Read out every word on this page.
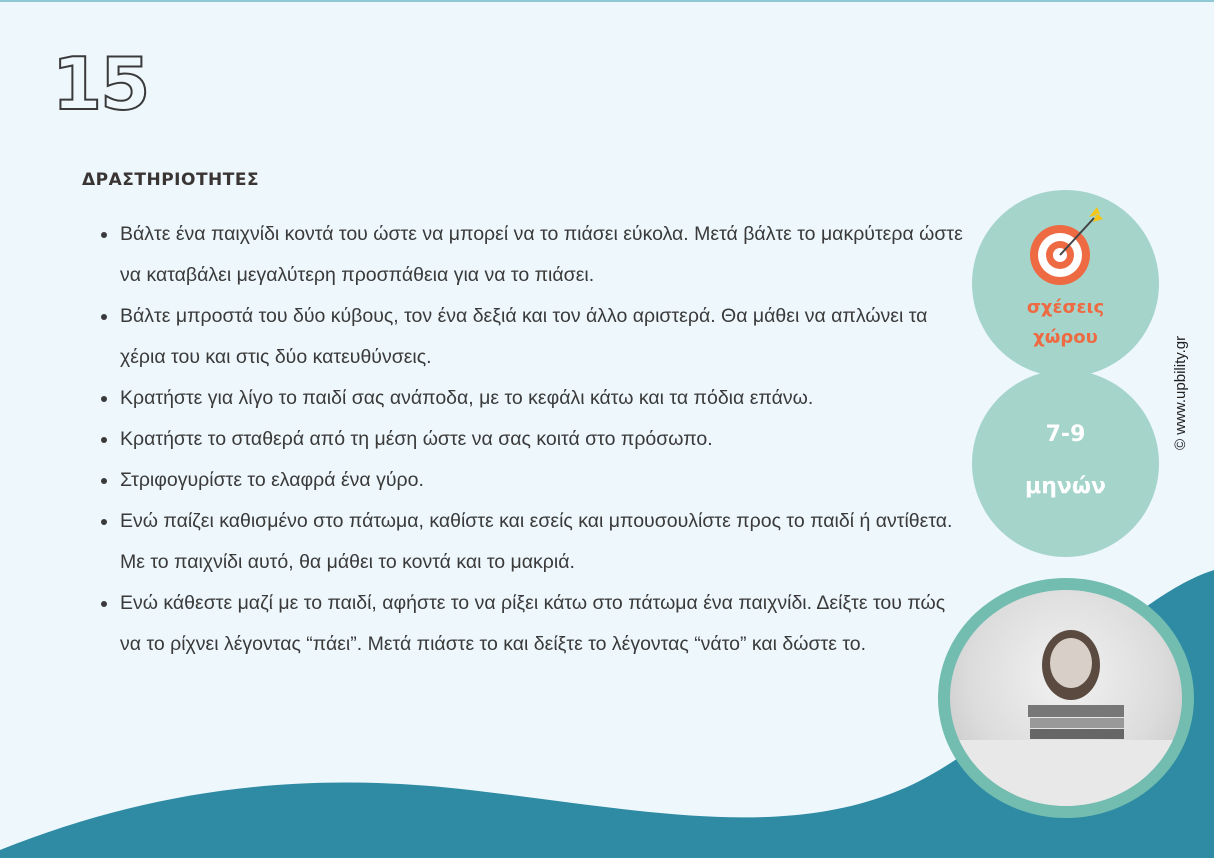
15
ΔΡΑΣΤΗΡΙΟΤΗΤΕΣ
Βάλτε ένα παιχνίδι κοντά του ώστε να μπορεί να το πιάσει εύκολα. Μετά βάλτε το μακρύτερα ώστε να καταβάλει μεγαλύτερη προσπάθεια για να το πιάσει.
Βάλτε μπροστά του δύο κύβους, τον ένα δεξιά και τον άλλο αριστερά. Θα μάθει να απλώνει τα χέρια του και στις δύο κατευθύνσεις.
Κρατήστε για λίγο το παιδί σας ανάποδα, με το κεφάλι κάτω και τα πόδια επάνω.
Κρατήστε το σταθερά από τη μέση ώστε να σας κοιτά στο πρόσωπο.
Στριφογυρίστε το ελαφρά ένα γύρο.
Ενώ παίζει καθισμένο στο πάτωμα, καθίστε και εσείς και μπουσουλίστε προς το παιδί ή αντίθετα. Με το παιχνίδι αυτό, θα μάθει το κοντά και το μακριά.
Ενώ κάθεστε μαζί με το παιδί, αφήστε το να ρίξει κάτω στο πάτωμα ένα παιχνίδι. Δείξτε του πώς να το ρίχνει λέγοντας “πάει”. Μετά πιάστε το και δείξτε το λέγοντας “νάτο” και δώστε το.
σχέσεις
χώρου
7-9
μηνών
© www.upbility.gr
